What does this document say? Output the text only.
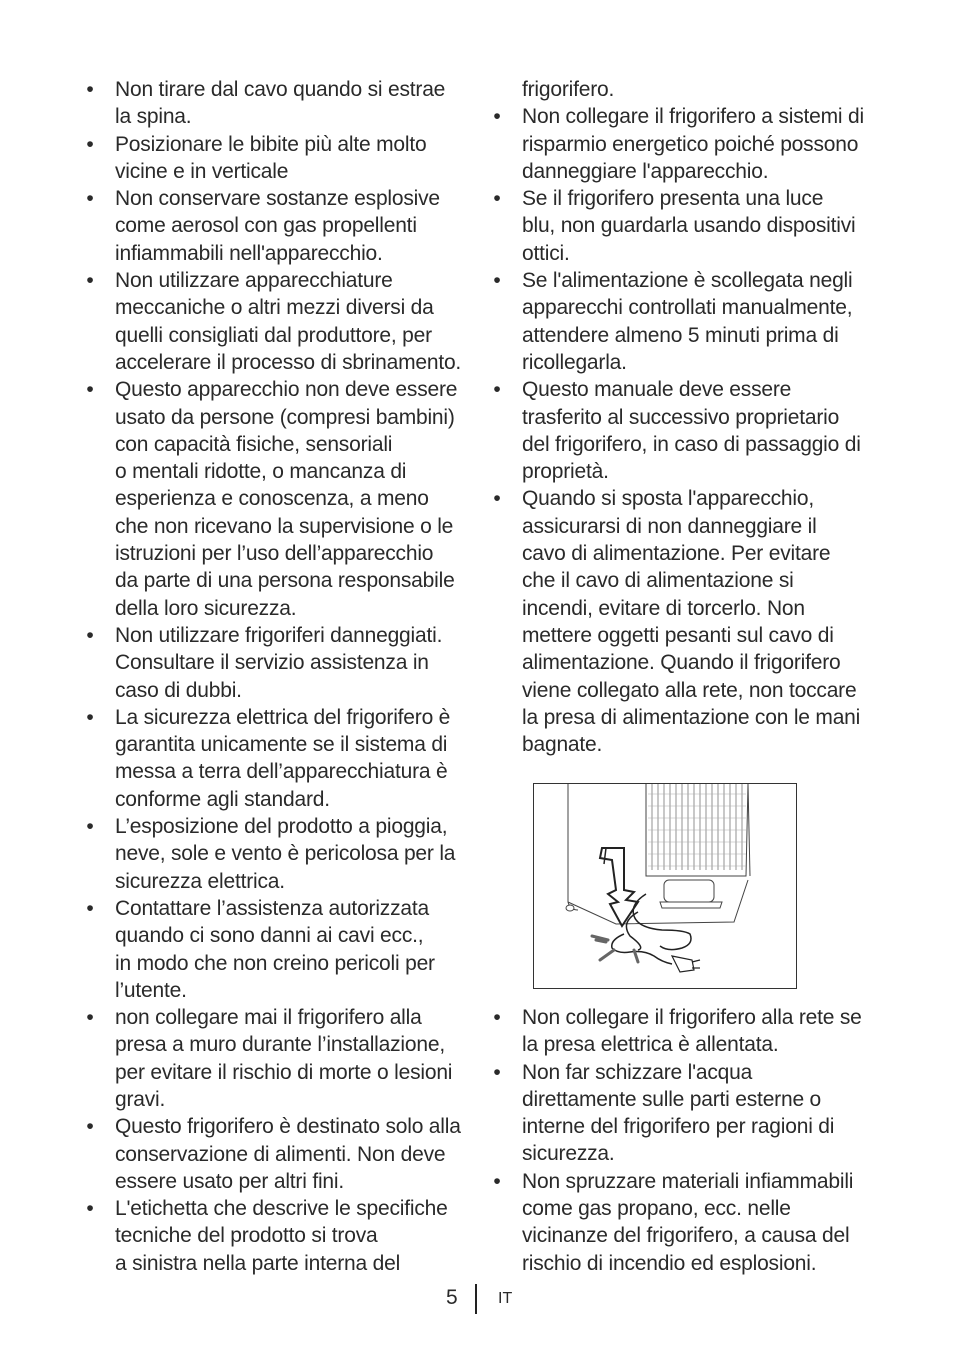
• Non tirare dal cavo quando si estrae
la spina.
• Posizionare le bibite più alte molto
vicine e in verticale
• Non conservare sostanze esplosive
come aerosol con gas propellenti
infiammabili nell'apparecchio.
• Non utilizzare apparecchiature
meccaniche o altri mezzi diversi da
quelli consigliati dal produttore, per
accelerare il processo di sbrinamento.
• Questo apparecchio non deve essere
usato da persone (compresi bambini)
con capacità fisiche, sensoriali
o mentali ridotte, o mancanza di
esperienza e conoscenza, a meno
che non ricevano la supervisione o le
istruzioni per l’uso dell’apparecchio
da parte di una persona responsabile
della loro sicurezza.
• Non utilizzare frigoriferi danneggiati.
Consultare il servizio assistenza in
caso di dubbi.
• La sicurezza elettrica del frigorifero è
garantita unicamente se il sistema di
messa a terra dell’apparecchiatura è
conforme agli standard.
• L’esposizione del prodotto a pioggia,
neve, sole e vento è pericolosa per la
sicurezza elettrica.
• Contattare l’assistenza autorizzata
quando ci sono danni ai cavi ecc.,
in modo che non creino pericoli per
l’utente.
• non collegare mai il frigorifero alla
presa a muro durante l’installazione,
per evitare il rischio di morte o lesioni
gravi.
• Questo frigorifero è destinato solo alla
conservazione di alimenti. Non deve
essere usato per altri fini.
• L'etichetta che descrive le specifiche
tecniche del prodotto si trova
a sinistra nella parte interna del
frigorifero.
• Non collegare il frigorifero a sistemi di
risparmio energetico poiché possono
danneggiare l'apparecchio.
• Se il frigorifero presenta una luce
blu, non guardarla usando dispositivi
ottici.
• Se l'alimentazione è scollegata negli
apparecchi controllati manualmente,
attendere almeno 5 minuti prima di
ricollegarla.
• Questo manuale deve essere
trasferito al successivo proprietario
del frigorifero, in caso di passaggio di
proprietà.
• Quando si sposta l'apparecchio,
assicurarsi di non danneggiare il
cavo di alimentazione. Per evitare
che il cavo di alimentazione si
incendi, evitare di torcerlo. Non
mettere oggetti pesanti sul cavo di
alimentazione. Quando il frigorifero
viene collegato alla rete, non toccare
la presa di alimentazione con le mani
bagnate.
• Non collegare il frigorifero alla rete se
la presa elettrica è allentata.
• Non far schizzare l'acqua
direttamente sulle parti esterne o
interne del frigorifero per ragioni di
sicurezza.
• Non spruzzare materiali infiammabili
come gas propano, ecc. nelle
vicinanze del frigorifero, a causa del
rischio di incendio ed esplosioni.
5	IT
